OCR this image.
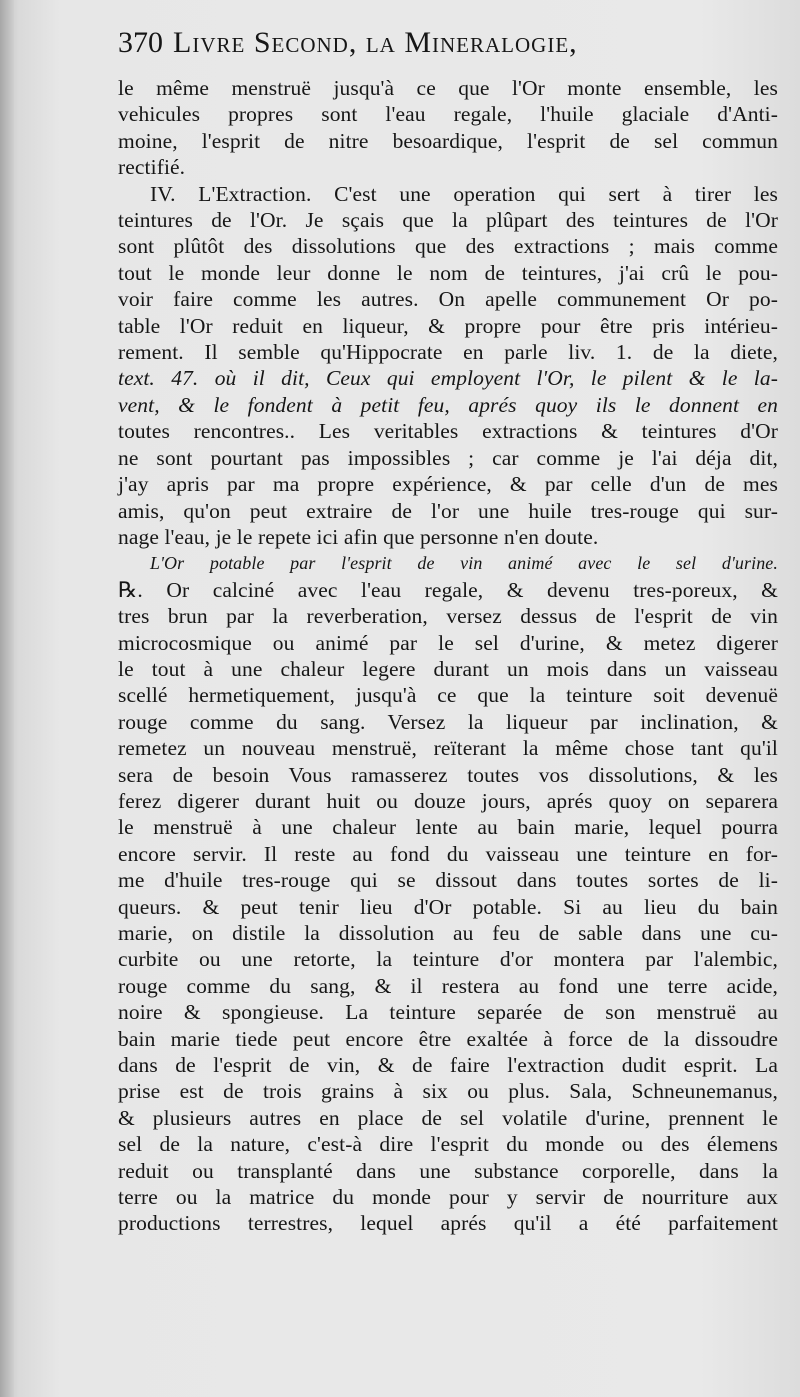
370 Livre Second, la Mineralogie,
le même menstruë jusqu'à ce que l'Or monte ensemble, les
vehicules propres sont l'eau regale, l'huile glaciale d'Anti-
moine, l'esprit de nitre besoardique, l'esprit de sel commun
rectifié.
IV. L'Extraction. C'est une operation qui sert à tirer les
teintures de l'Or. Je sçais que la plûpart des teintures de l'Or
sont plûtôt des dissolutions que des extractions ; mais comme
tout le monde leur donne le nom de teintures, j'ai crû le pou-
voir faire comme les autres. On apelle communement Or po-
table l'Or reduit en liqueur, & propre pour être pris intérieu-
rement. Il semble qu'Hippocrate en parle liv. 1. de la diete,
text. 47. où il dit, Ceux qui employent l'Or, le pilent & le la-
vent, & le fondent à petit feu, aprés quoy ils le donnent en
toutes rencontres.. Les veritables extractions & teintures d'Or
ne sont pourtant pas impossibles ; car comme je l'ai déja dit,
j'ay apris par ma propre expérience, & par celle d'un de mes
amis, qu'on peut extraire de l'or une huile tres-rouge qui sur-
nage l'eau, je le repete ici afin que personne n'en doute.
L'Or potable par l'esprit de vin animé avec le sel d'urine.
℞. Or calciné avec l'eau regale, & devenu tres-poreux, &
tres brun par la reverberation, versez dessus de l'esprit de vin
microcosmique ou animé par le sel d'urine, & metez digerer
le tout à une chaleur legere durant un mois dans un vaisseau
scellé hermetiquement, jusqu'à ce que la teinture soit devenuë
rouge comme du sang. Versez la liqueur par inclination, &
remetez un nouveau menstruë, reïterant la même chose tant qu'il
sera de besoin Vous ramasserez toutes vos dissolutions, & les
ferez digerer durant huit ou douze jours, aprés quoy on separera
le menstruë à une chaleur lente au bain marie, lequel pourra
encore servir. Il reste au fond du vaisseau une teinture en for-
me d'huile tres-rouge qui se dissout dans toutes sortes de li-
queurs. & peut tenir lieu d'Or potable. Si au lieu du bain
marie, on distile la dissolution au feu de sable dans une cu-
curbite ou une retorte, la teinture d'or montera par l'alembic,
rouge comme du sang, & il restera au fond une terre acide,
noire & spongieuse. La teinture separée de son menstruë au
bain marie tiede peut encore être exaltée à force de la dissoudre
dans de l'esprit de vin, & de faire l'extraction dudit esprit. La
prise est de trois grains à six ou plus. Sala, Schneunemanus,
& plusieurs autres en place de sel volatile d'urine, prennent le
sel de la nature, c'est-à dire l'esprit du monde ou des élemens
reduit ou transplanté dans une substance corporelle, dans la
terre ou la matrice du monde pour y servir de nourriture aux
productions terrestres, lequel aprés qu'il a été parfaitement
